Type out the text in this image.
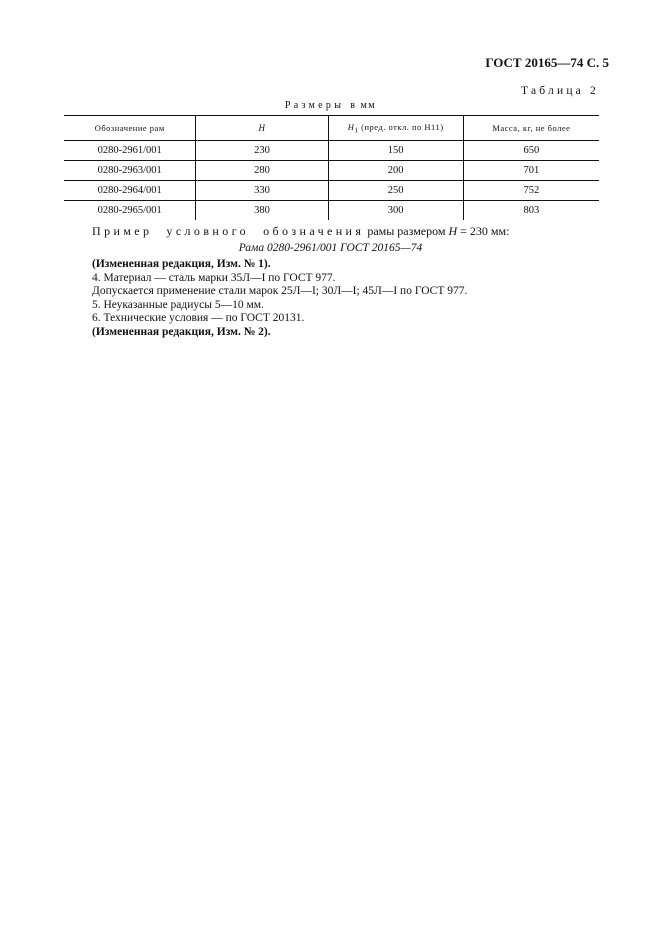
ГОСТ 20165—74 С. 5
Таблица 2
Размеры в мм
Обозначение рам	H	$H_1$ (пред. откл. по H11)	Масса, кг, не более
0280-2961/001	230	150	650
0280-2963/001	280	200	701
0280-2964/001	330	250	752
0280-2965/001	380	300	803
Пример условного обозначения рамы размером H = 230 мм:
Рама 0280-2961/001 ГОСТ 20165—74
(Измененная редакция, Изм. № 1).
4. Материал — сталь марки 35Л—I по ГОСТ 977.
Допускается применение стали марок 25Л—I; 30Л—I; 45Л—I по ГОСТ 977.
5. Неуказанные радиусы 5—10 мм.
6. Технические условия — по ГОСТ 20131.
(Измененная редакция, Изм. № 2).
